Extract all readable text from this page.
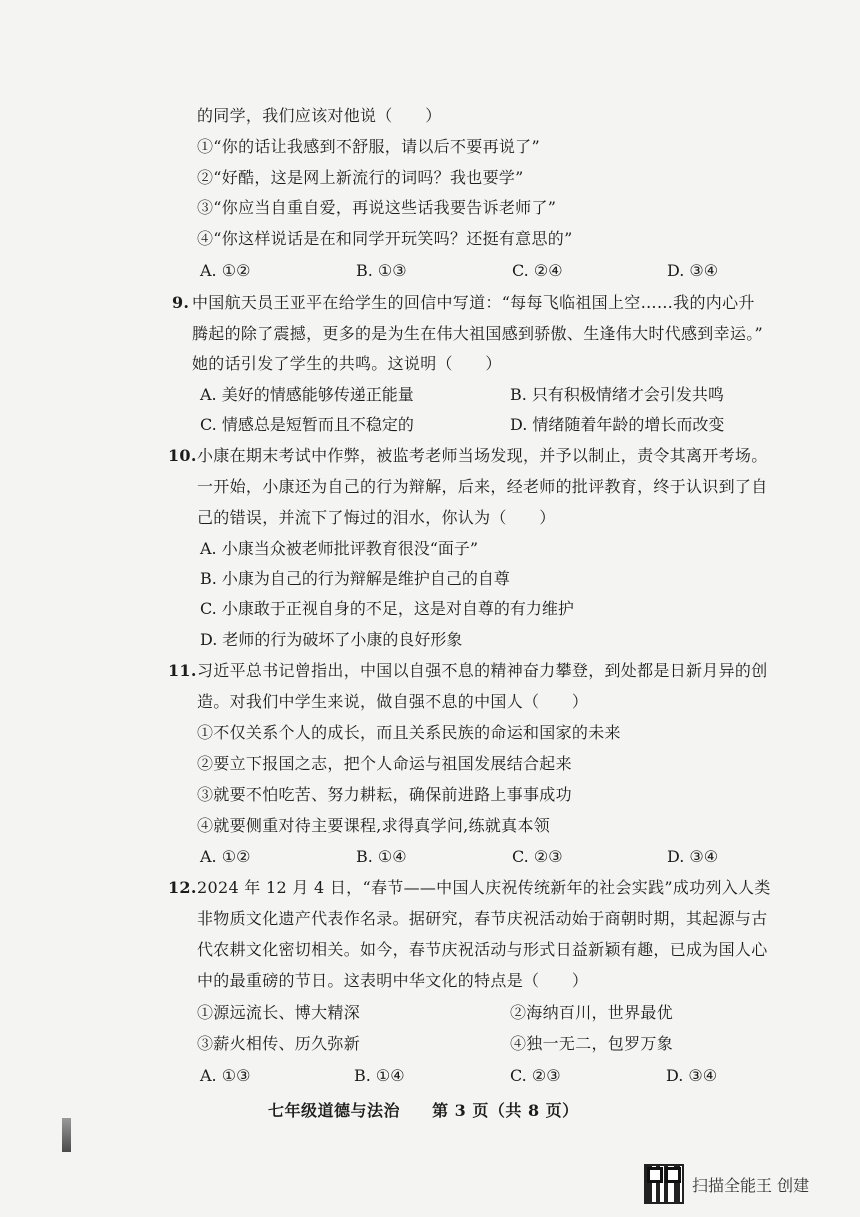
的同学，我们应该对他说（　　）
①“你的话让我感到不舒服，请以后不要再说了”
②“好酷，这是网上新流行的词吗？我也要学”
③“你应当自重自爱，再说这些话我要告诉老师了”
④“你这样说话是在和同学开玩笑吗？还挺有意思的”
A. ①②	B. ①③	C. ②④	D. ③④
9. 中国航天员王亚平在给学生的回信中写道：“每每飞临祖国上空……我的内心升
腾起的除了震撼，更多的是为生在伟大祖国感到骄傲、生逢伟大时代感到幸运。”
她的话引发了学生的共鸣。这说明（　　）
A. 美好的情感能够传递正能量	B. 只有积极情绪才会引发共鸣
C. 情感总是短暂而且不稳定的	D. 情绪随着年龄的增长而改变
10. 小康在期末考试中作弊，被监考老师当场发现，并予以制止，责令其离开考场。
一开始，小康还为自己的行为辩解，后来，经老师的批评教育，终于认识到了自
己的错误，并流下了悔过的泪水，你认为（　　）
A. 小康当众被老师批评教育很没“面子”
B. 小康为自己的行为辩解是维护自己的自尊
C. 小康敢于正视自身的不足，这是对自尊的有力维护
D. 老师的行为破坏了小康的良好形象
11. 习近平总书记曾指出，中国以自强不息的精神奋力攀登，到处都是日新月异的创
造。对我们中学生来说，做自强不息的中国人（　　）
①不仅关系个人的成长，而且关系民族的命运和国家的未来
②要立下报国之志，把个人命运与祖国发展结合起来
③就要不怕吃苦、努力耕耘，确保前进路上事事成功
④就要侧重对待主要课程,求得真学问,练就真本领
A. ①②	B. ①④	C. ②③	D. ③④
12. 2024 年 12 月 4 日，“春节——中国人庆祝传统新年的社会实践”成功列入人类
非物质文化遗产代表作名录。据研究，春节庆祝活动始于商朝时期，其起源与古
代农耕文化密切相关。如今，春节庆祝活动与形式日益新颖有趣，已成为国人心
中的最重磅的节日。这表明中华文化的特点是（　　）
①源远流长、博大精深	②海纳百川，世界最优
③薪火相传、历久弥新	④独一无二，包罗万象
A. ①③	B. ①④	C. ②③	D. ③④
七年级道德与法治 第 3 页（共 8 页）
扫描全能王 创建
